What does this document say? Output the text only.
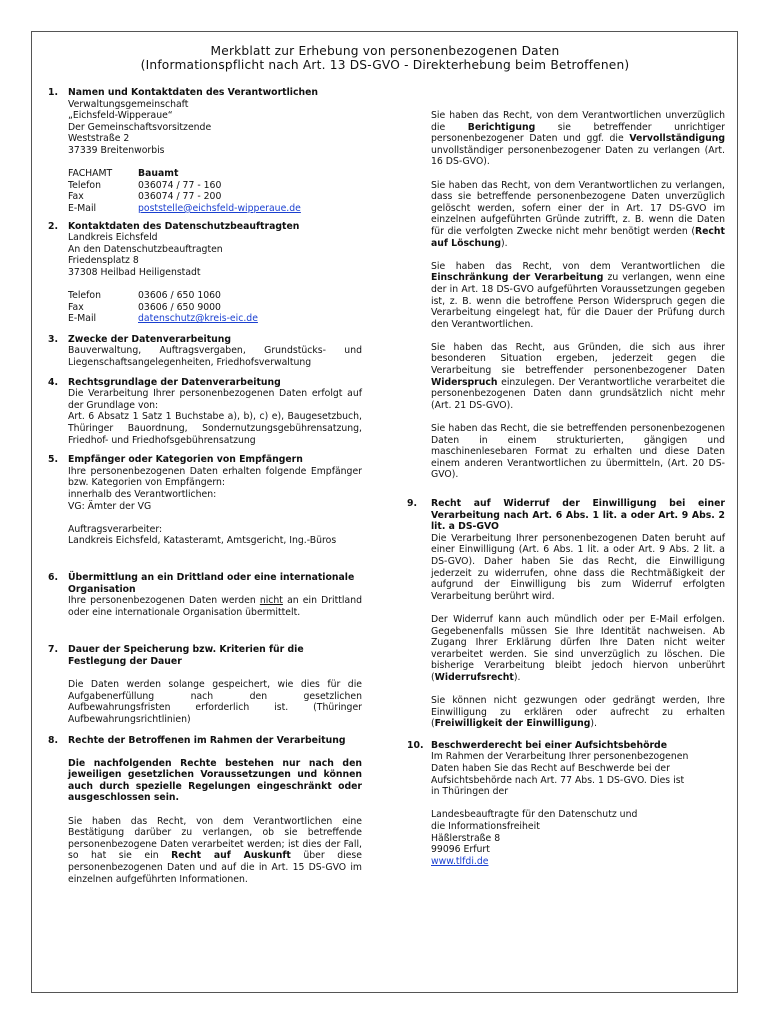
Merkblatt zur Erhebung von personenbezogenen Daten
(Informationspflicht nach Art. 13 DS-GVO - Direkterhebung beim Betroffenen)
1. Namen und Kontaktdaten des Verantwortlichen
Verwaltungsgemeinschaft
„Eichsfeld-Wipperaue“
Der Gemeinschaftsvorsitzende
Weststraße 2
37339 Breitenworbis
FACHAMT	Bauamt
Telefon	036074 / 77 - 160
Fax	036074 / 77 - 200
E-Mail	poststelle@eichsfeld-wipperaue.de
2. Kontaktdaten des Datenschutzbeauftragten
Landkreis Eichsfeld
An den Datenschutzbeauftragten
Friedensplatz 8
37308 Heilbad Heiligenstadt
Telefon	03606 / 650 1060
Fax	03606 / 650 9000
E-Mail	datenschutz@kreis-eic.de
3. Zwecke der Datenverarbeitung
Bauverwaltung, Auftragsvergaben, Grundstücks- und Liegenschaftsangelegenheiten, Friedhofsverwaltung
4. Rechtsgrundlage der Datenverarbeitung
Die Verarbeitung Ihrer personenbezogenen Daten erfolgt auf der Grundlage von:
Art. 6 Absatz 1 Satz 1 Buchstabe a), b), c) e), Baugesetzbuch, Thüringer Bauordnung, Sondernutzungsgebührensatzung, Friedhof- und Friedhofsgebührensatzung
5. Empfänger oder Kategorien von Empfängern
Ihre personenbezogenen Daten erhalten folgende Empfänger bzw. Kategorien von Empfängern:
innerhalb des Verantwortlichen:
VG: Ämter der VG
Auftragsverarbeiter:
Landkreis Eichsfeld, Katasteramt, Amtsgericht, Ing.-Büros
6. Übermittlung an ein Drittland oder eine internationale Organisation
Ihre personenbezogenen Daten werden nicht an ein Drittland oder eine internationale Organisation übermittelt.
7. Dauer der Speicherung bzw. Kriterien für die Festlegung der Dauer
Die Daten werden solange gespeichert, wie dies für die Aufgabenerfüllung nach den gesetzlichen Aufbewahrungsfristen erforderlich ist. (Thüringer Aufbewahrungsrichtlinien)
8. Rechte der Betroffenen im Rahmen der Verarbeitung
Die nachfolgenden Rechte bestehen nur nach den jeweiligen gesetzlichen Voraussetzungen und können auch durch spezielle Regelungen eingeschränkt oder ausgeschlossen sein.
Sie haben das Recht, von dem Verantwortlichen eine Bestätigung darüber zu verlangen, ob sie betreffende personenbezogene Daten verarbeitet werden; ist dies der Fall, so hat sie ein Recht auf Auskunft über diese personenbezogenen Daten und auf die in Art. 15 DS-GVO im einzelnen aufgeführten Informationen.
Sie haben das Recht, von dem Verantwortlichen unverzüglich die Berichtigung sie betreffender unrichtiger personenbezogener Daten und ggf. die Vervollständigung unvollständiger personenbezogener Daten zu verlangen (Art. 16 DS-GVO).
Sie haben das Recht, von dem Verantwortlichen zu verlangen, dass sie betreffende personenbezogene Daten unverzüglich gelöscht werden, sofern einer der in Art. 17 DS-GVO im einzelnen aufgeführten Gründe zutrifft, z. B. wenn die Daten für die verfolgten Zwecke nicht mehr benötigt werden (Recht auf Löschung).
Sie haben das Recht, von dem Verantwortlichen die Einschränkung der Verarbeitung zu verlangen, wenn eine der in Art. 18 DS-GVO aufgeführten Voraussetzungen gegeben ist, z. B. wenn die betroffene Person Widerspruch gegen die Verarbeitung eingelegt hat, für die Dauer der Prüfung durch den Verantwortlichen.
Sie haben das Recht, aus Gründen, die sich aus ihrer besonderen Situation ergeben, jederzeit gegen die Verarbeitung sie betreffender personenbezogener Daten Widerspruch einzulegen. Der Verantwortliche verarbeitet die personenbezogenen Daten dann grundsätzlich nicht mehr (Art. 21 DS-GVO).
Sie haben das Recht, die sie betreffenden personenbezogenen Daten in einem strukturierten, gängigen und maschinenlesebaren Format zu erhalten und diese Daten einem anderen Verantwortlichen zu übermitteln, (Art. 20 DS-GVO).
9. Recht auf Widerruf der Einwilligung bei einer Verarbeitung nach Art. 6 Abs. 1 lit. a oder Art. 9 Abs. 2 lit. a DS-GVO
Die Verarbeitung Ihrer personenbezogenen Daten beruht auf einer Einwilligung (Art. 6 Abs. 1 lit. a oder Art. 9 Abs. 2 lit. a DS-GVO). Daher haben Sie das Recht, die Einwilligung jederzeit zu widerrufen, ohne dass die Rechtmäßigkeit der aufgrund der Einwilligung bis zum Widerruf erfolgten Verarbeitung berührt wird.
Der Widerruf kann auch mündlich oder per E-Mail erfolgen. Gegebenenfalls müssen Sie Ihre Identität nachweisen. Ab Zugang Ihrer Erklärung dürfen Ihre Daten nicht weiter verarbeitet werden. Sie sind unverzüglich zu löschen. Die bisherige Verarbeitung bleibt jedoch hiervon unberührt (Widerrufsrecht).
Sie können nicht gezwungen oder gedrängt werden, Ihre Einwilligung zu erklären oder aufrecht zu erhalten (Freiwilligkeit der Einwilligung).
10. Beschwerderecht bei einer Aufsichtsbehörde
Im Rahmen der Verarbeitung Ihrer personenbezogenen
Daten haben Sie das Recht auf Beschwerde bei der
Aufsichtsbehörde nach Art. 77 Abs. 1 DS-GVO. Dies ist
in Thüringen der
Landesbeauftragte für den Datenschutz und
die Informationsfreiheit
Häßlerstraße 8
99096 Erfurt
www.tlfdi.de
